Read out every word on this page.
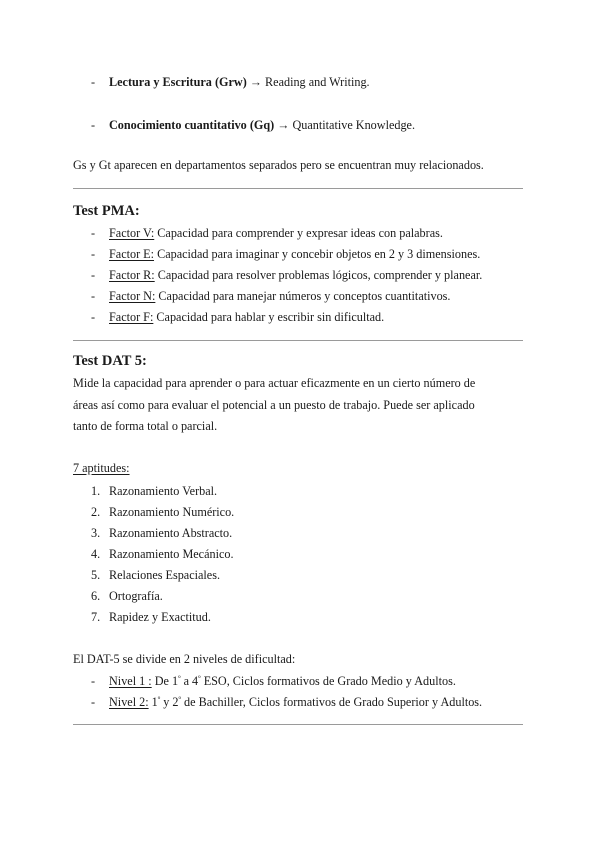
- Lectura y Escritura (Grw) → Reading and Writing.
- Conocimiento cuantitativo (Gq) → Quantitative Knowledge.
Gs y Gt aparecen en departamentos separados pero se encuentran muy relacionados.
Test PMA:
- Factor V: Capacidad para comprender y expresar ideas con palabras.
- Factor E: Capacidad para imaginar y concebir objetos en 2 y 3 dimensiones.
- Factor R: Capacidad para resolver problemas lógicos, comprender y planear.
- Factor N: Capacidad para manejar números y conceptos cuantitativos.
- Factor F: Capacidad para hablar y escribir sin dificultad.
Test DAT 5:
Mide la capacidad para aprender o para actuar eficazmente en un cierto número de
áreas así como para evaluar el potencial a un puesto de trabajo. Puede ser aplicado
tanto de forma total o parcial.
7 aptitudes:
1. Razonamiento Verbal.
2. Razonamiento Numérico.
3. Razonamiento Abstracto.
4. Razonamiento Mecánico.
5. Relaciones Espaciales.
6. Ortografía.
7. Rapidez y Exactitud.
El DAT-5 se divide en 2 niveles de dificultad:
- Nivel 1 : De $1^º$ a $4^º$ ESO, Ciclos formativos de Grado Medio y Adultos.
- Nivel 2: $1^º$ y $2^º$ de Bachiller, Ciclos formativos de Grado Superior y Adultos.
